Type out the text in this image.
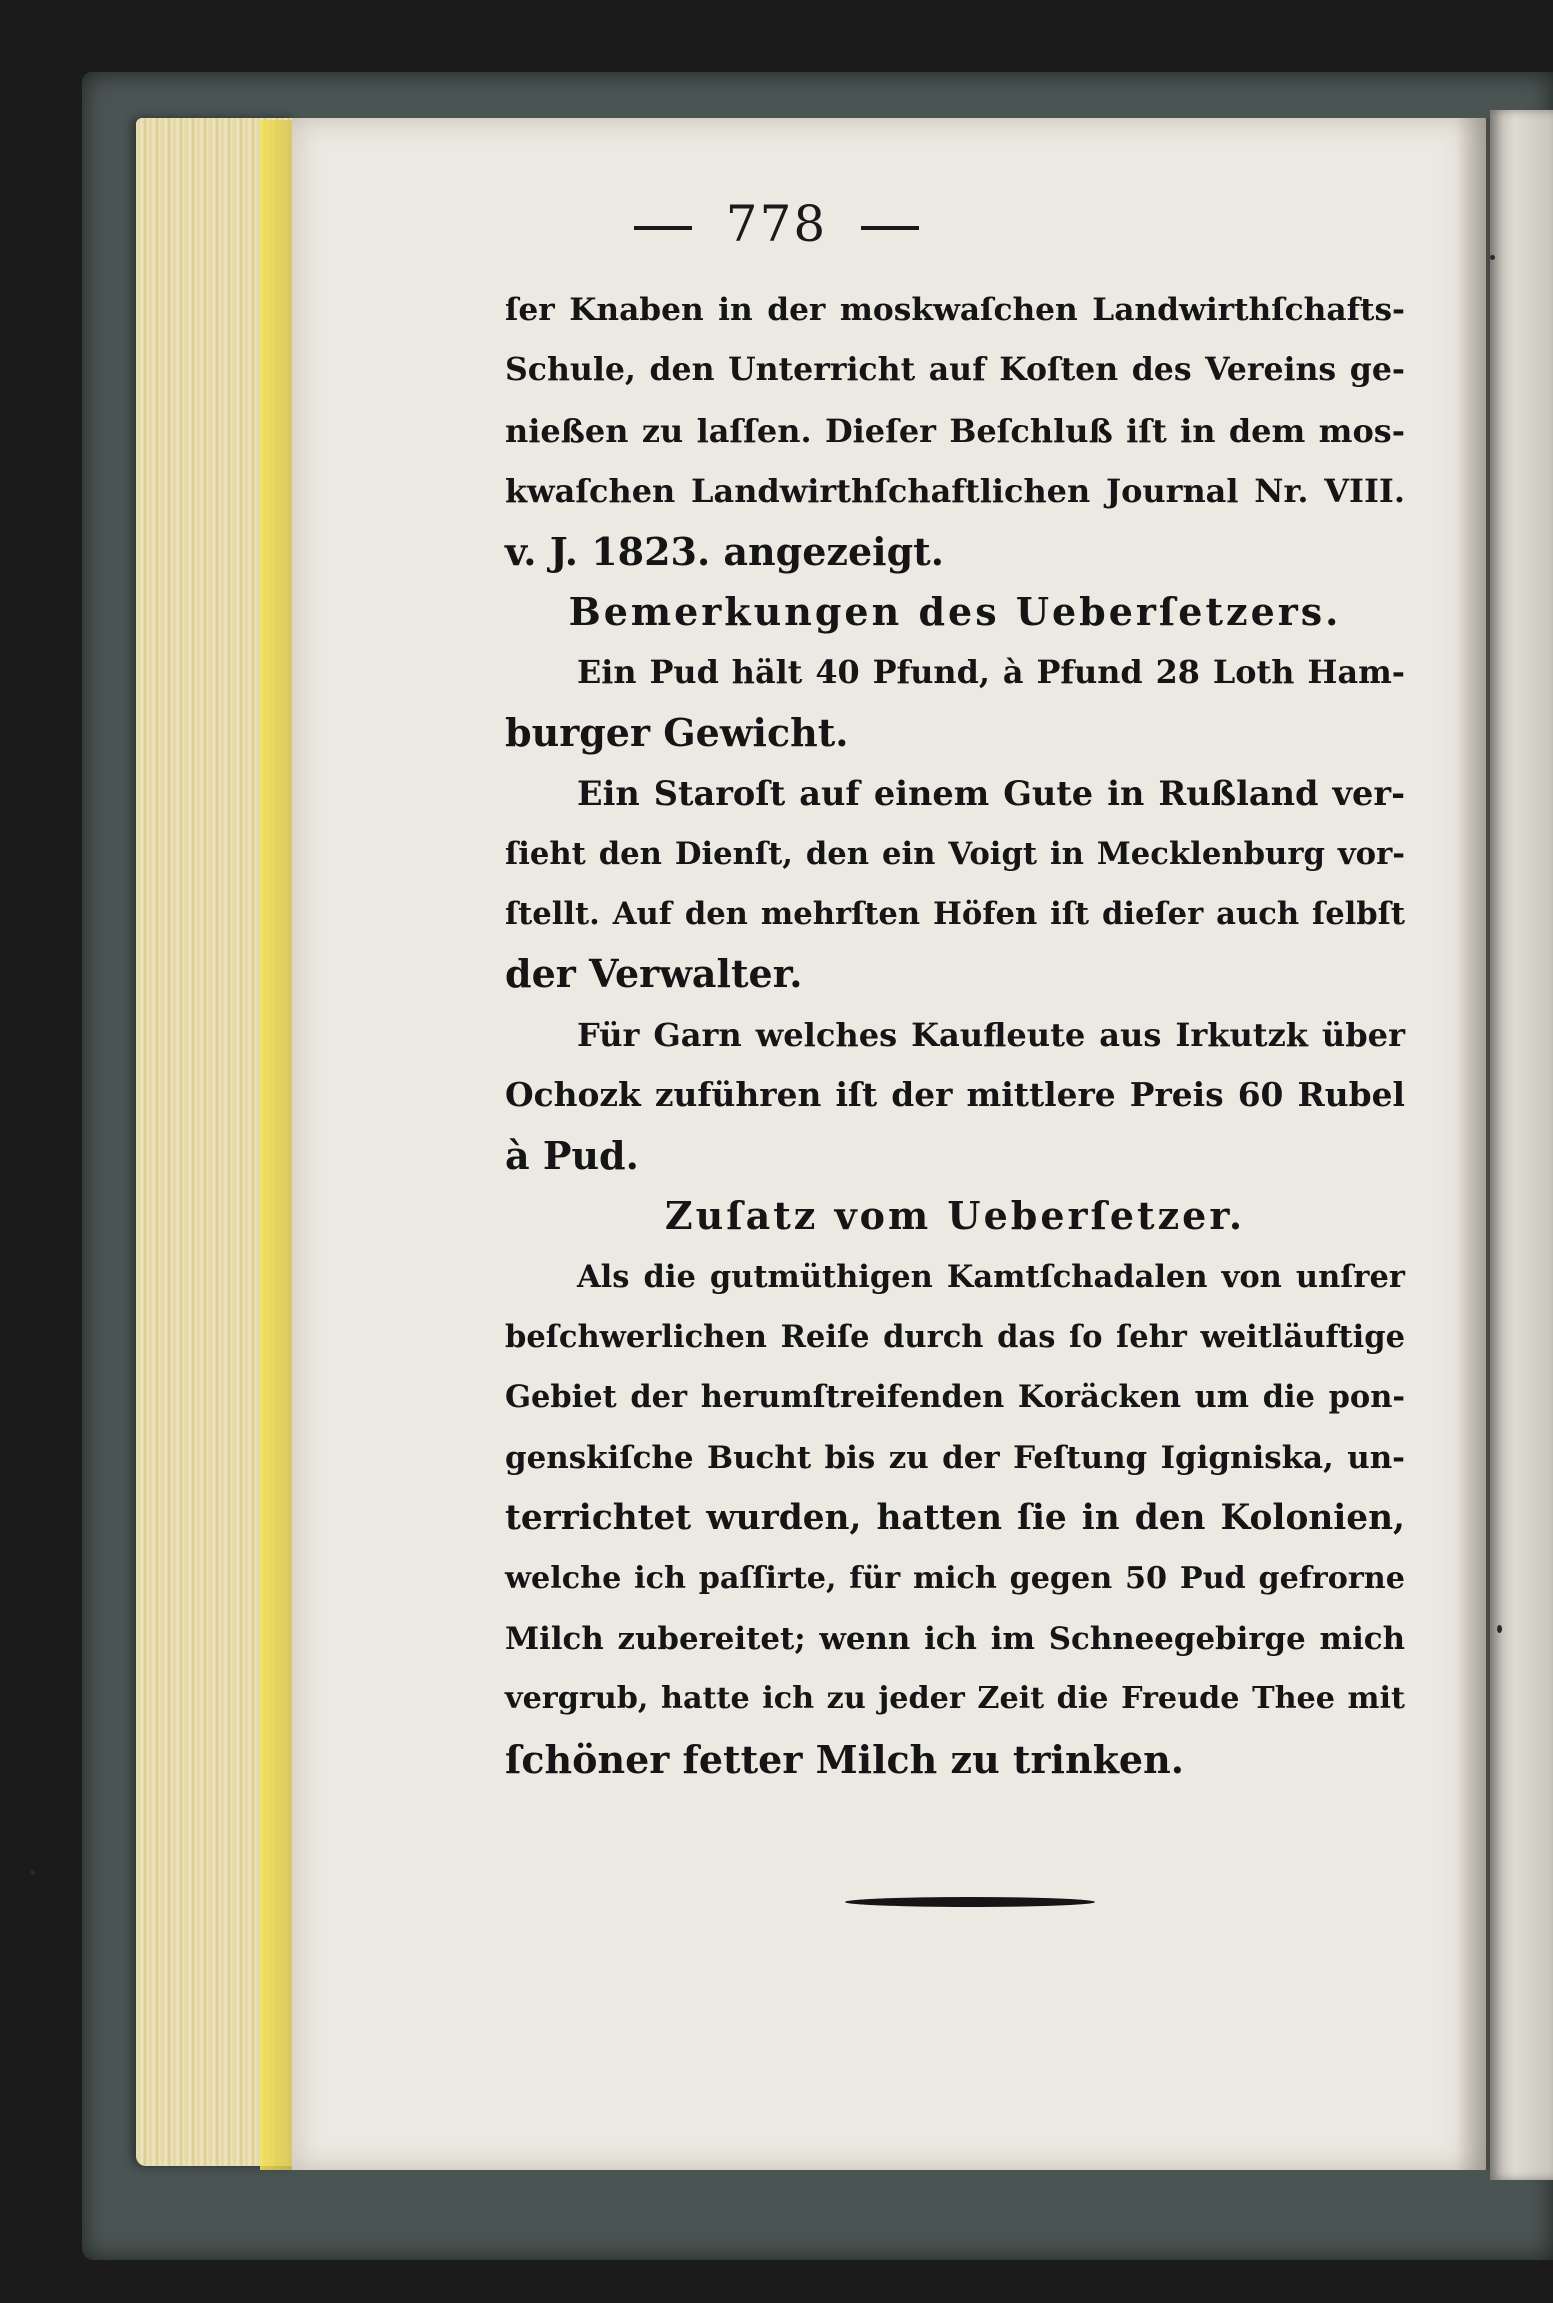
778
ſer Knaben in der moskwaſchen Landwirthſchafts-
Schule, den Unterricht auf Koſten des Vereins ge-
nießen zu laſſen. Dieſer Beſchluß iſt in dem mos-
kwaſchen Landwirthſchaftlichen Journal Nr. VIII.
v. J. 1823. angezeigt.
Bemerkungen des Ueberſetzers.
Ein Pud hält 40 Pfund, à Pfund 28 Loth Ham-
burger Gewicht.
Ein Staroſt auf einem Gute in Rußland ver-
ſieht den Dienſt, den ein Voigt in Mecklenburg vor-
ſtellt. Auf den mehrſten Höfen iſt dieſer auch ſelbſt
der Verwalter.
Für Garn welches Kaufleute aus Irkutzk über
Ochozk zuführen iſt der mittlere Preis 60 Rubel
à Pud.
Zuſatz vom Ueberſetzer.
Als die gutmüthigen Kamtſchadalen von unſrer
beſchwerlichen Reiſe durch das ſo ſehr weitläuftige
Gebiet der herumſtreifenden Koräcken um die pon-
genskiſche Bucht bis zu der Feſtung Igigniska, un-
terrichtet wurden, hatten ſie in den Kolonien,
welche ich paſſirte, für mich gegen 50 Pud gefrorne
Milch zubereitet; wenn ich im Schneegebirge mich
vergrub, hatte ich zu jeder Zeit die Freude Thee mit
ſchöner fetter Milch zu trinken.
